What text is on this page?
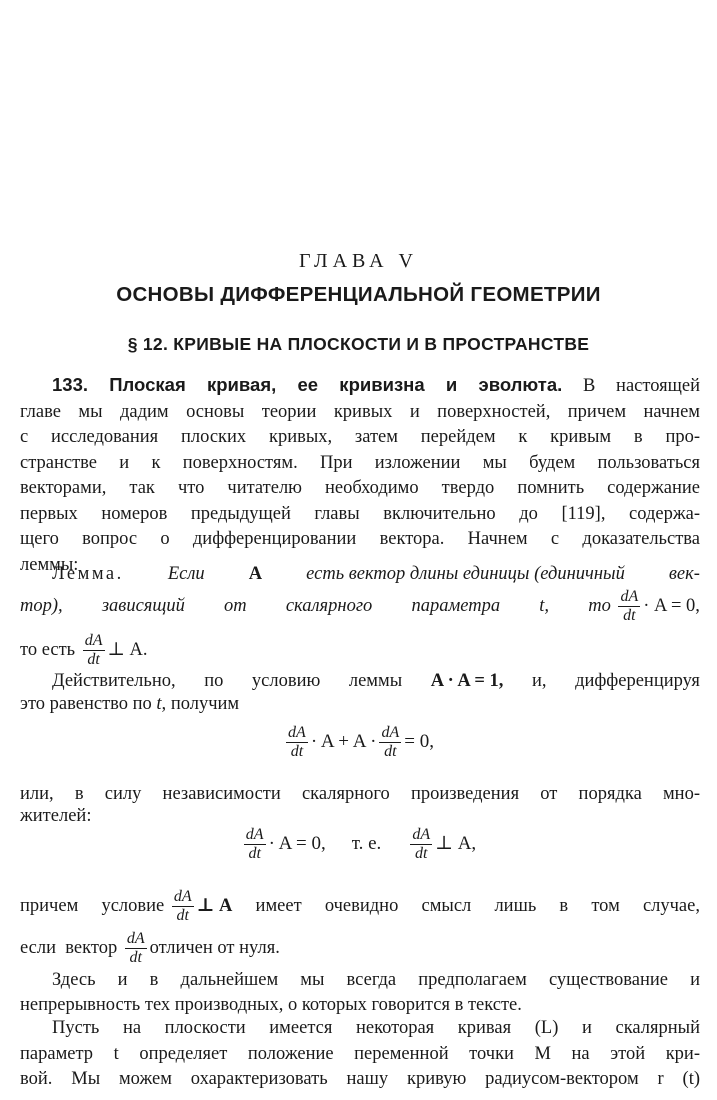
ГЛАВА V
ОСНОВЫ ДИФФЕРЕНЦИАЛЬНОЙ ГЕОМЕТРИИ
§ 12. КРИВЫЕ НА ПЛОСКОСТИ И В ПРОСТРАНСТВЕ
133. Плоская кривая, ее кривизна и эволюта. В настоящей
главе мы дадим основы теории кривых и поверхностей, причем начнем
с исследования плоских кривых, затем перейдем к кривым в про-
странстве и к поверхностям. При изложении мы будем пользоваться
векторами, так что читателю необходимо твердо помнить содержание
первых номеров предыдущей главы включительно до [119], содержа-
щего вопрос о дифференцировании вектора. Начнем с доказательства
леммы:
Лемма. Если A есть вектор длины единицы (единичный век-
тор), зависящий от скалярного параметра t, то $\frac{dA}{dt} \cdot A = 0$,
то есть $\frac{dA}{dt}$ ⊥ A.
Действительно, по условию леммы A · A = 1, и, дифференцируя
это равенство по t, получим
$\frac{dA}{dt} \cdot A + A \cdot \frac{dA}{dt} = 0$,
или, в силу независимости скалярного произведения от порядка мно-
жителей:
$\frac{dA}{dt} \cdot A = 0$, т. е. $\frac{dA}{dt}$ ⊥ A,
причем условие $\frac{dA}{dt}$ ⊥ A имеет очевидно смысл лишь в том случае,
если вектор $\frac{dA}{dt}$ отличен от нуля.
Здесь и в дальнейшем мы всегда предполагаем существование и
непрерывность тех производных, о которых говорится в тексте.
Пусть на плоскости имеется некоторая кривая (L) и скалярный
параметр t определяет положение переменной точки M на этой кри-
вой. Мы можем охарактеризовать нашу кривую радиусом-вектором r (t)
